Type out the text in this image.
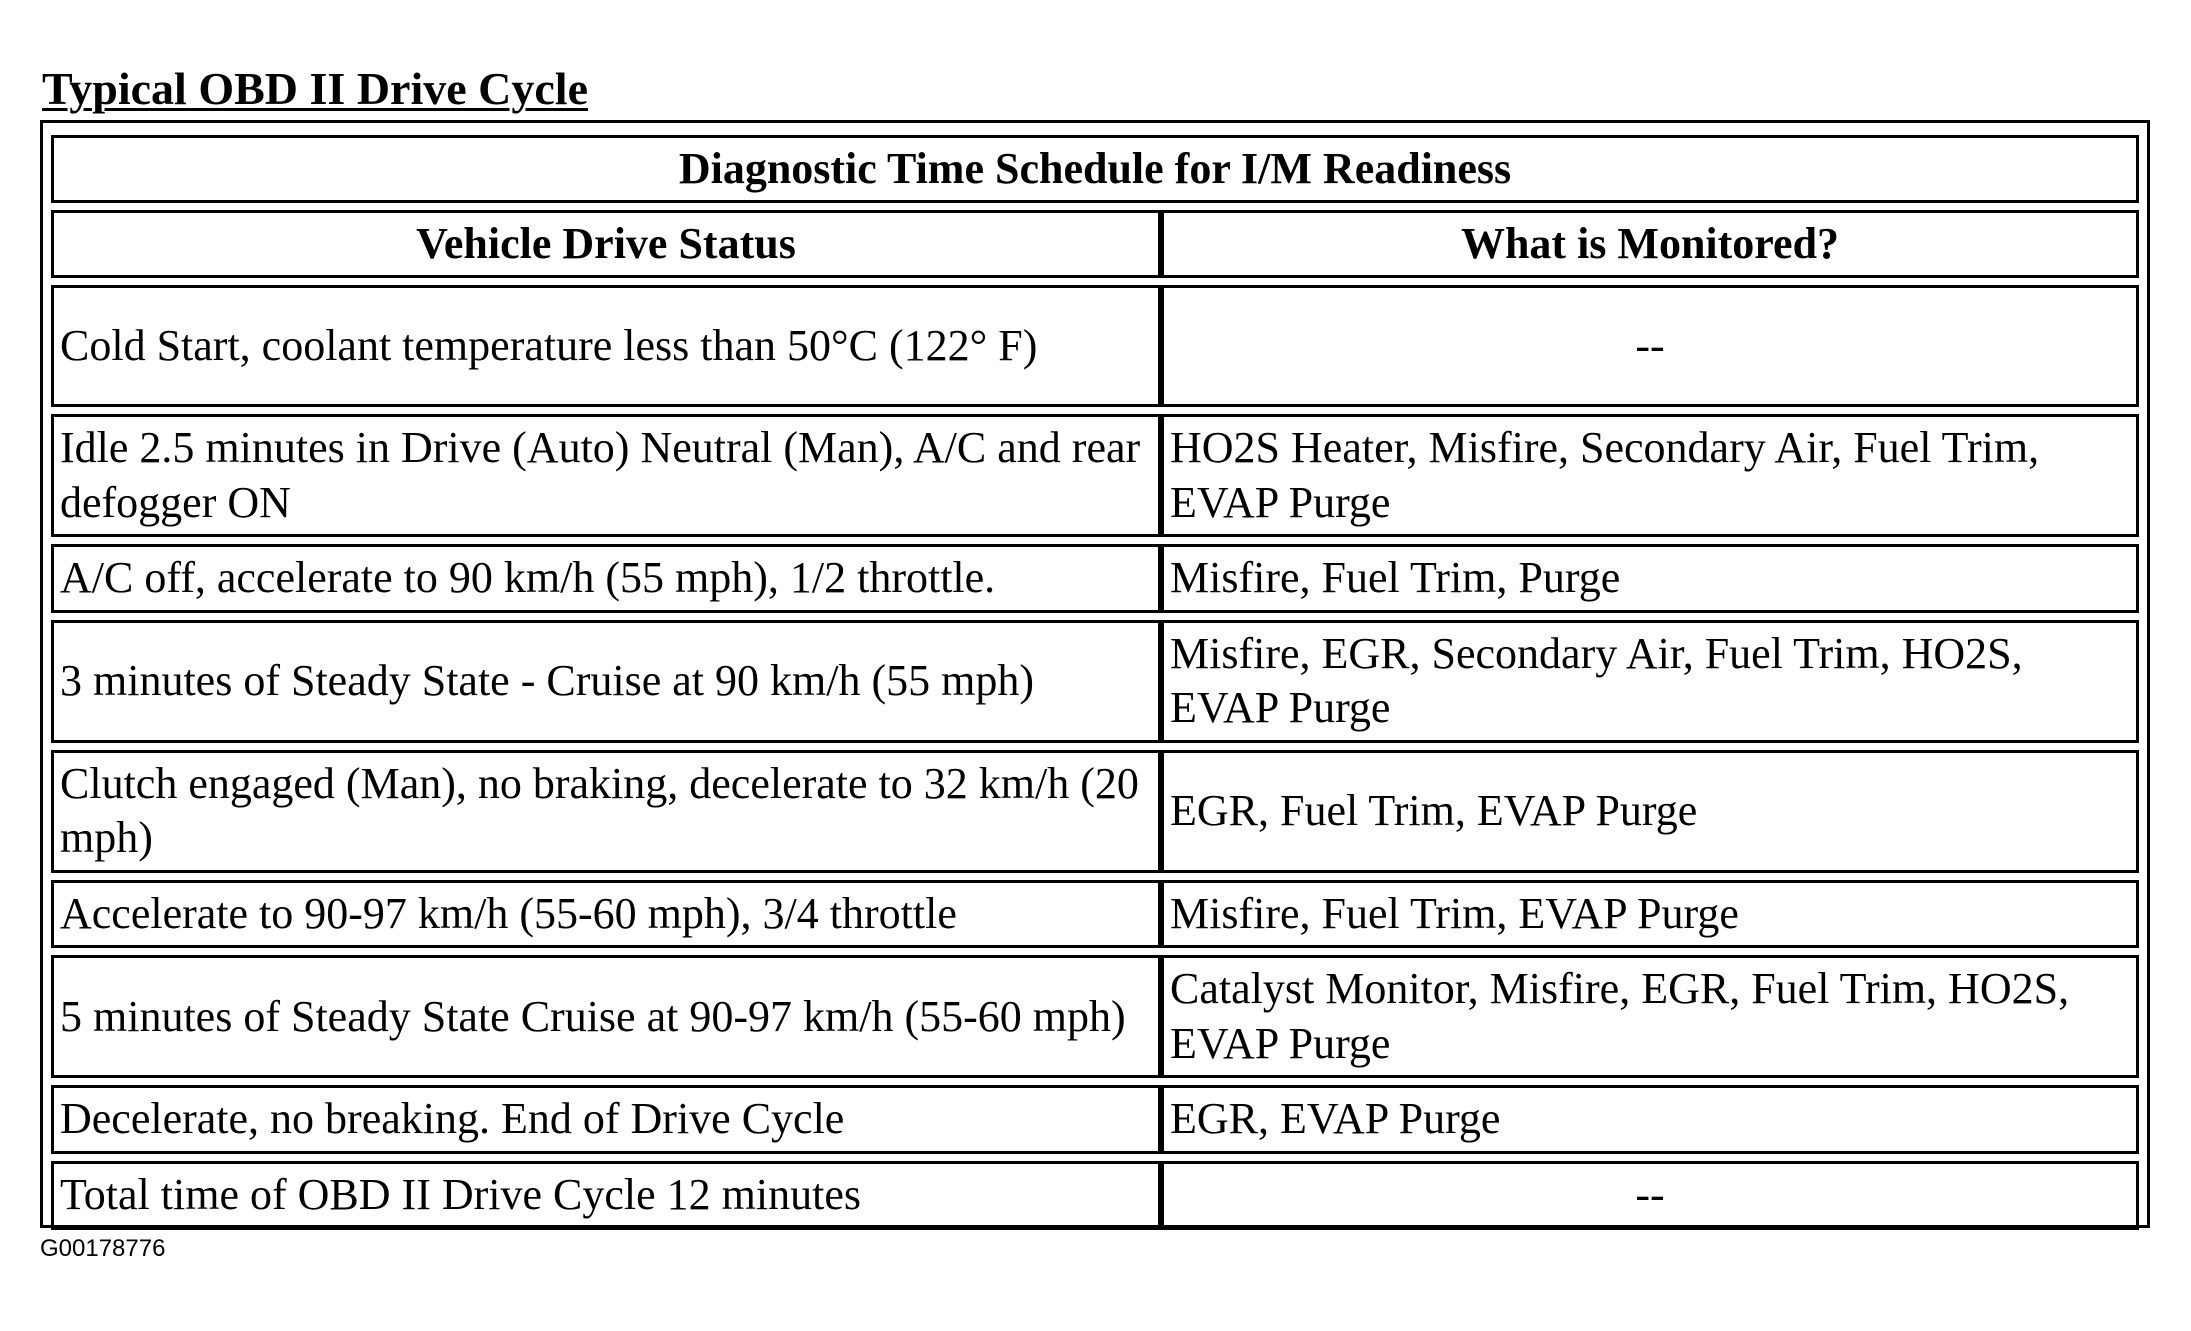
Typical OBD II Drive Cycle
Diagnostic Time Schedule for I/M Readiness	
Vehicle Drive Status	What is Monitored?
Cold Start, coolant temperature less than 50°C (122° F)	--
Idle 2.5 minutes in Drive (Auto) Neutral (Man), A/C and rear defogger ON	HO2S Heater, Misfire, Secondary Air, Fuel Trim, EVAP Purge
A/C off, accelerate to 90 km/h (55 mph), 1/2 throttle.	Misfire, Fuel Trim, Purge
3 minutes of Steady State - Cruise at 90 km/h (55 mph)	Misfire, EGR, Secondary Air, Fuel Trim, HO2S, EVAP Purge
Clutch engaged (Man), no braking, decelerate to 32 km/h (20 mph)	EGR, Fuel Trim, EVAP Purge
Accelerate to 90-97 km/h (55-60 mph), 3/4 throttle	Misfire, Fuel Trim, EVAP Purge
5 minutes of Steady State Cruise at 90-97 km/h (55-60 mph)	Catalyst Monitor, Misfire, EGR, Fuel Trim, HO2S, EVAP Purge
Decelerate, no breaking. End of Drive Cycle	EGR, EVAP Purge
Total time of OBD II Drive Cycle 12 minutes	--
G00178776
